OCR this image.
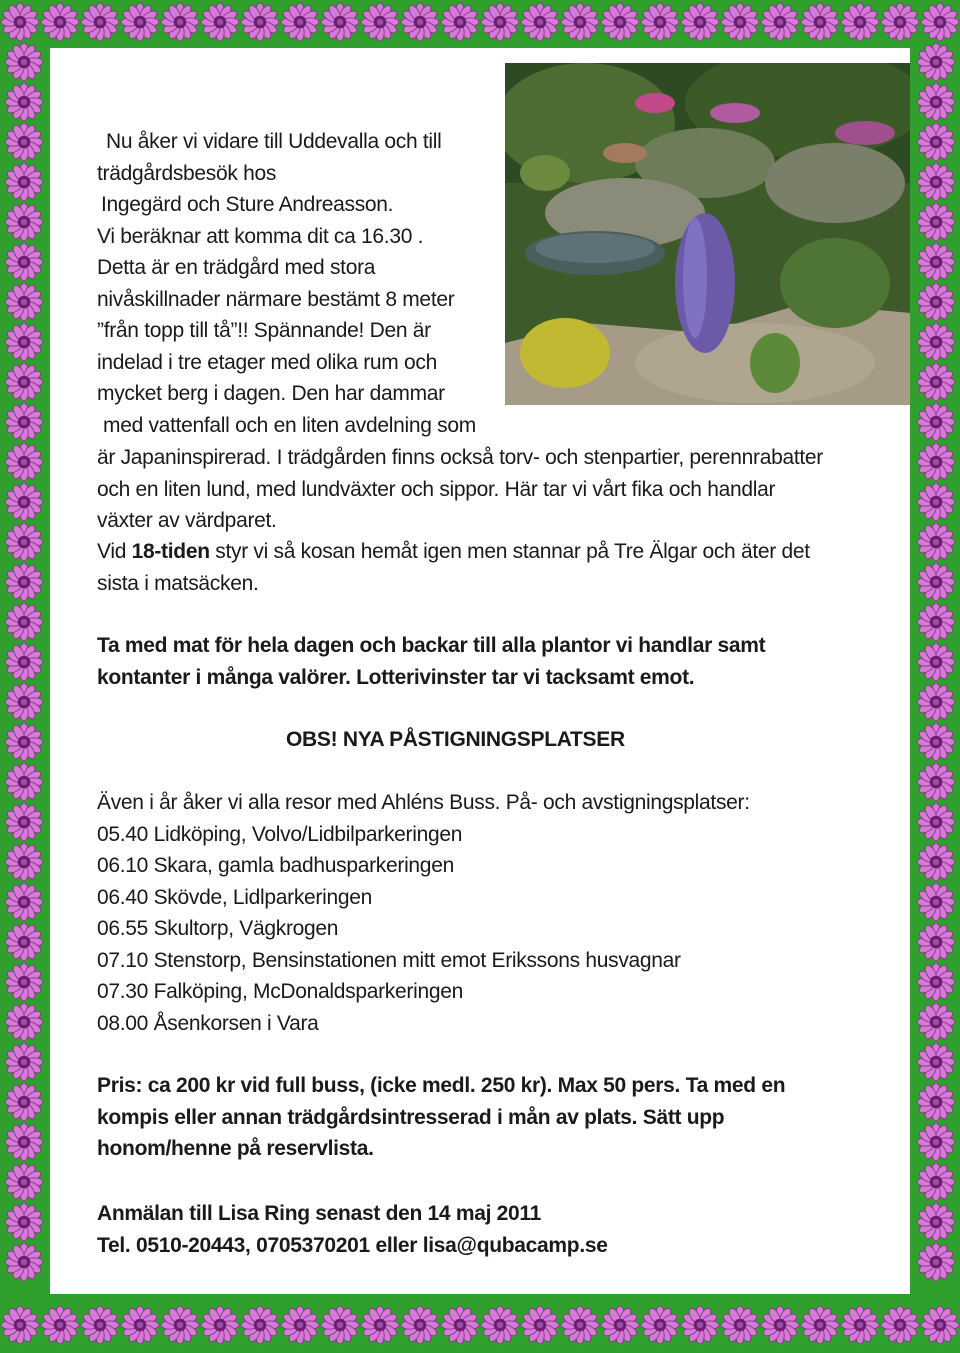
Nu åker vi vidare till Uddevalla och till
trädgårdsbesök hos
Ingegärd och Sture Andreasson.
Vi beräknar att komma dit ca 16.30 .
Detta är en trädgård med stora
nivåskillnader närmare bestämt 8 meter
”från topp till tå”!! Spännande! Den är
indelad i tre etager med olika rum och
mycket berg i dagen. Den har dammar
med vattenfall och en liten avdelning som
är Japaninspirerad. I trädgården finns också torv- och stenpartier, perennrabatter
och en liten lund, med lundväxter och sippor. Här tar vi vårt fika och handlar
växter av värdparet.
Vid 18-tiden styr vi så kosan hemåt igen men stannar på Tre Älgar och äter det
sista i matsäcken.
Ta med mat för hela dagen och backar till alla plantor vi handlar samt
kontanter i många valörer. Lotterivinster tar vi tacksamt emot.
OBS! NYA PÅSTIGNINGSPLATSER
Även i år åker vi alla resor med Ahléns Buss. På- och avstigningsplatser:
05.40 Lidköping, Volvo/Lidbilparkeringen
06.10 Skara, gamla badhusparkeringen
06.40 Skövde, Lidlparkeringen
06.55 Skultorp, Vägkrogen
07.10 Stenstorp, Bensinstationen mitt emot Erikssons husvagnar
07.30 Falköping, McDonaldsparkeringen
08.00 Åsenkorsen i Vara
Pris: ca 200 kr vid full buss, (icke medl. 250 kr). Max 50 pers. Ta med en
kompis eller annan trädgårdsintresserad i mån av plats. Sätt upp
honom/henne på reservlista.
Anmälan till Lisa Ring senast den 14 maj 2011
Tel. 0510-20443, 0705370201 eller lisa@qubacamp.se
